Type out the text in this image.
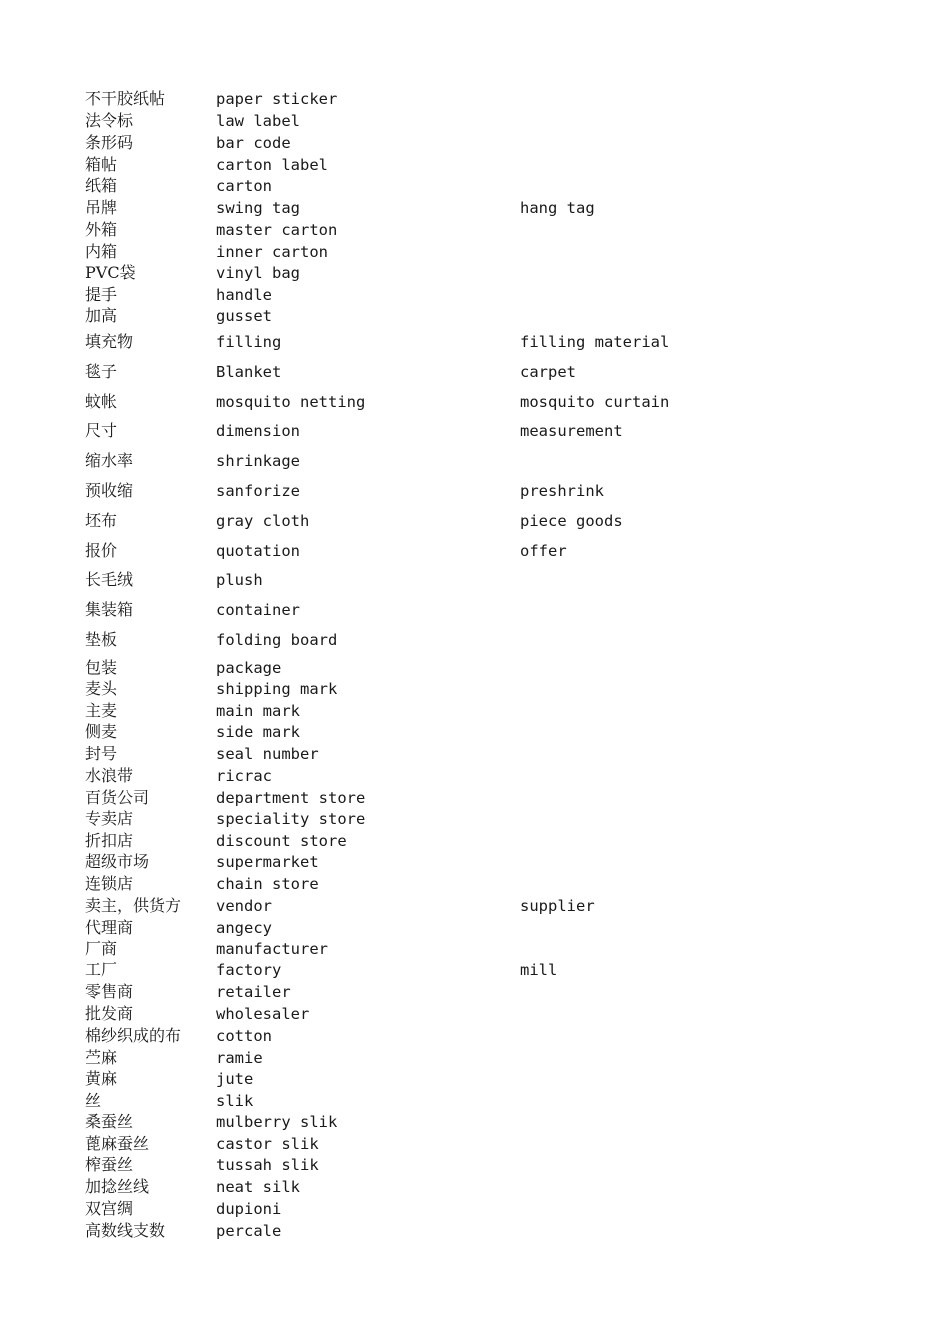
不干胶纸帖	paper sticker
法令标	law label
条形码	bar code
箱帖	carton label
纸箱	carton
吊牌	swing tag	hang tag
外箱	master carton
内箱	inner carton
PVC袋	vinyl bag
提手	handle
加高	gusset
填充物	filling	filling material
毯子	Blanket	carpet
蚊帐	mosquito netting	mosquito curtain
尺寸	dimension	measurement
缩水率	shrinkage
预收缩	sanforize	preshrink
坯布	gray cloth	piece goods
报价	quotation	offer
长毛绒	plush
集装箱	container
垫板	folding board
包装	package
麦头	shipping mark
主麦	main mark
侧麦	side mark
封号	seal number
水浪带	ricrac
百货公司	department store
专卖店	speciality store
折扣店	discount store
超级市场	supermarket
连锁店	chain store
卖主，供货方 vendor	supplier
代理商	angecy
厂商	manufacturer
工厂	factory	mill
零售商	retailer
批发商	wholesaler
棉纱织成的布 cotton
苎麻	ramie
黄麻	jute
丝	slik
桑蚕丝	mulberry slik
蓖麻蚕丝	castor slik
榨蚕丝	tussah slik
加捻丝线	neat silk
双宫绸	dupioni
高数线支数	percale
